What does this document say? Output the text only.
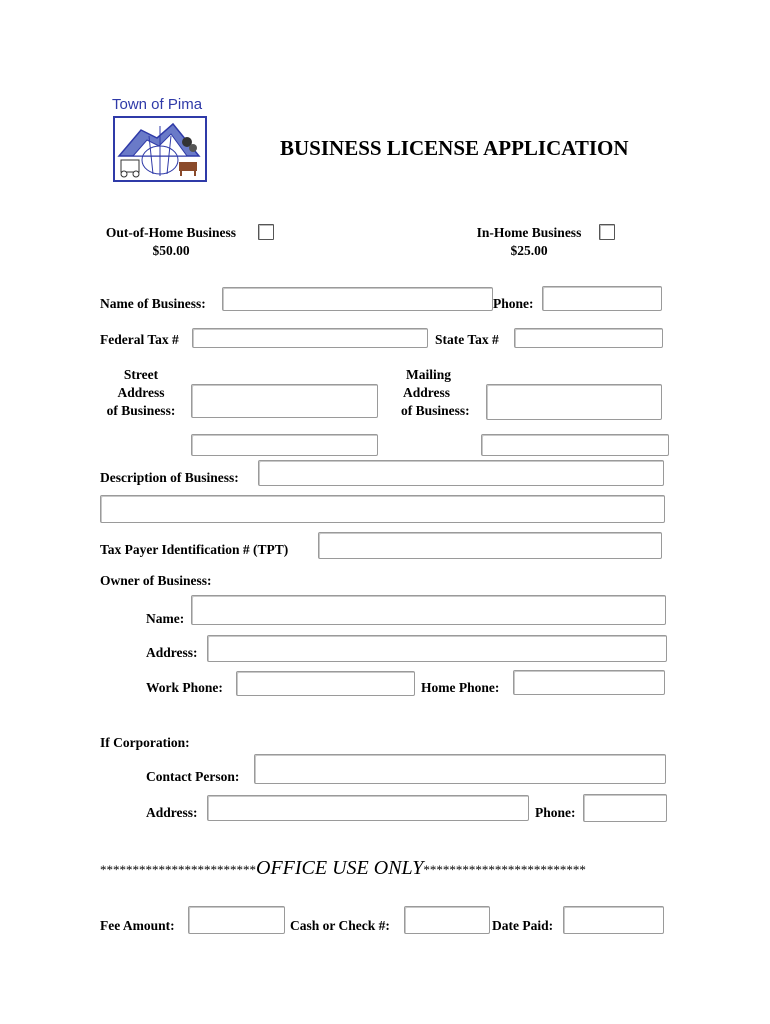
Town of Pima
BUSINESS LICENSE APPLICATION
Out-of-Home Business
$50.00
In-Home Business
$25.00
Name of Business:	Phone:
Federal Tax #	State Tax #
Street
Address
of Business:
Mailing
Address
of Business:
Description of Business:
Tax Payer Identification # (TPT)
Owner of Business:
Name:
Address:
Work Phone:	Home Phone:
If Corporation:
Contact Person:
Address:	Phone:
************************OFFICE USE ONLY*************************
Fee Amount:	Cash or Check #:	Date Paid:
